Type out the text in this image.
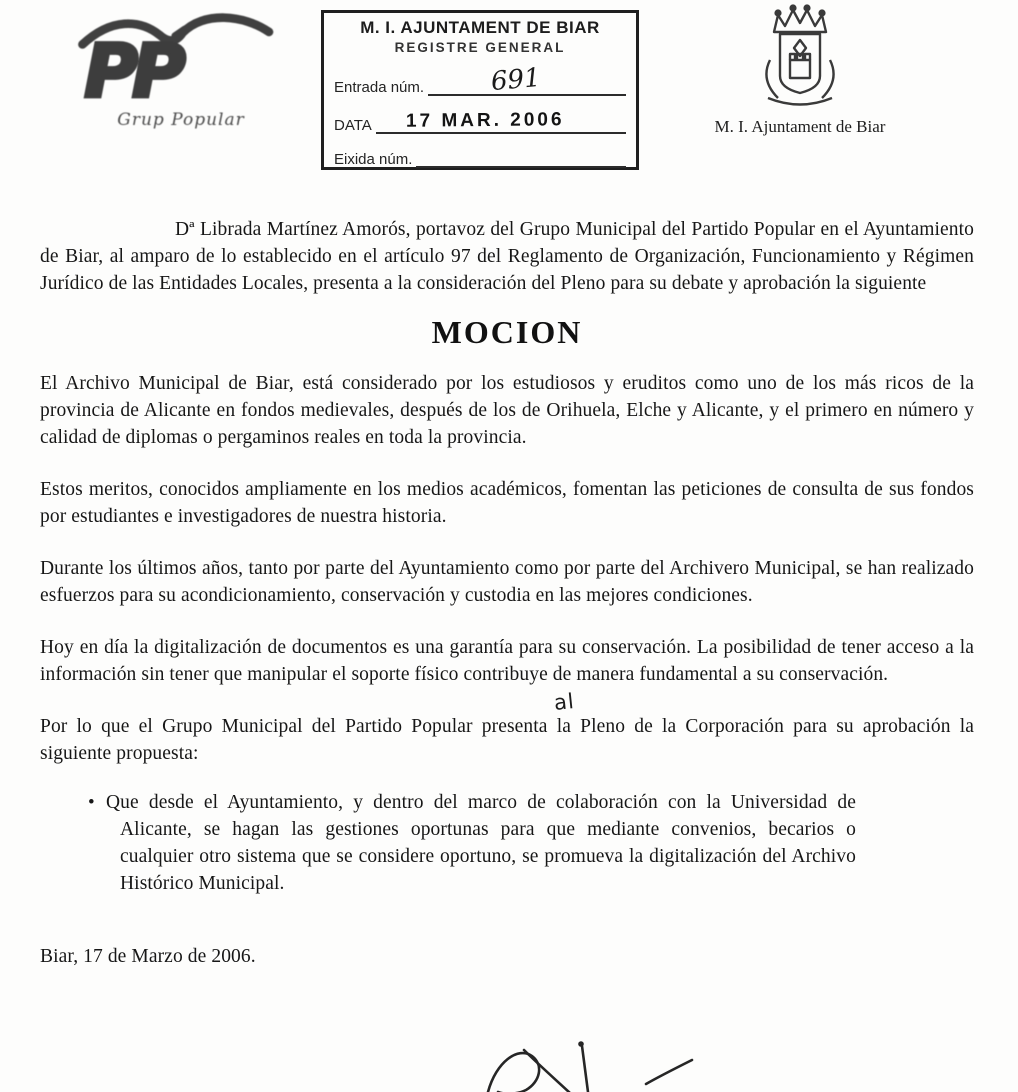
PP
Grup Popular
M. I. AJUNTAMENT DE BIAR
REGISTRE GENERAL
Entrada núm.	691
DATA 17 MAR. 2006
Eixida núm.
M. I. Ajuntament de Biar

Dª Librada Martínez Amorós, portavoz del Grupo Municipal del Partido Popular en el Ayuntamiento de Biar, al amparo de lo establecido en el artículo 97 del Reglamento de Organización, Funcionamiento y Régimen Jurídico de las Entidades Locales, presenta a la consideración del Pleno para su debate y aprobación la siguiente

MOCION

El Archivo Municipal de Biar, está considerado por los estudiosos y eruditos como uno de los más ricos de la provincia de Alicante en fondos medievales, después de los de Orihuela, Elche y Alicante, y el primero en número y calidad de diplomas o pergaminos reales en toda la provincia.

Estos meritos, conocidos ampliamente en los medios académicos, fomentan las peticiones de consulta de sus fondos por estudiantes e investigadores de nuestra historia.

Durante los últimos años, tanto por parte del Ayuntamiento como por parte del Archivero Municipal, se han realizado esfuerzos para su acondicionamiento, conservación y custodia en las mejores condiciones.

Hoy en día la digitalización de documentos es una garantía para su conservación. La posibilidad de tener acceso a la información sin tener que manipular el soporte físico contribuye de manera fundamental a su conservación.

Por lo que el Grupo Municipal del Partido Popular presenta la
al
Pleno de la Corporación para su aprobación la siguiente propuesta:

• Que desde el Ayuntamiento, y dentro del marco de colaboración con la Universidad de Alicante, se hagan las gestiones oportunas para que mediante convenios, becarios o cualquier otro sistema que se considere oportuno, se promueva la digitalización del Archivo Histórico Municipal.

Biar, 17 de Marzo de 2006.
